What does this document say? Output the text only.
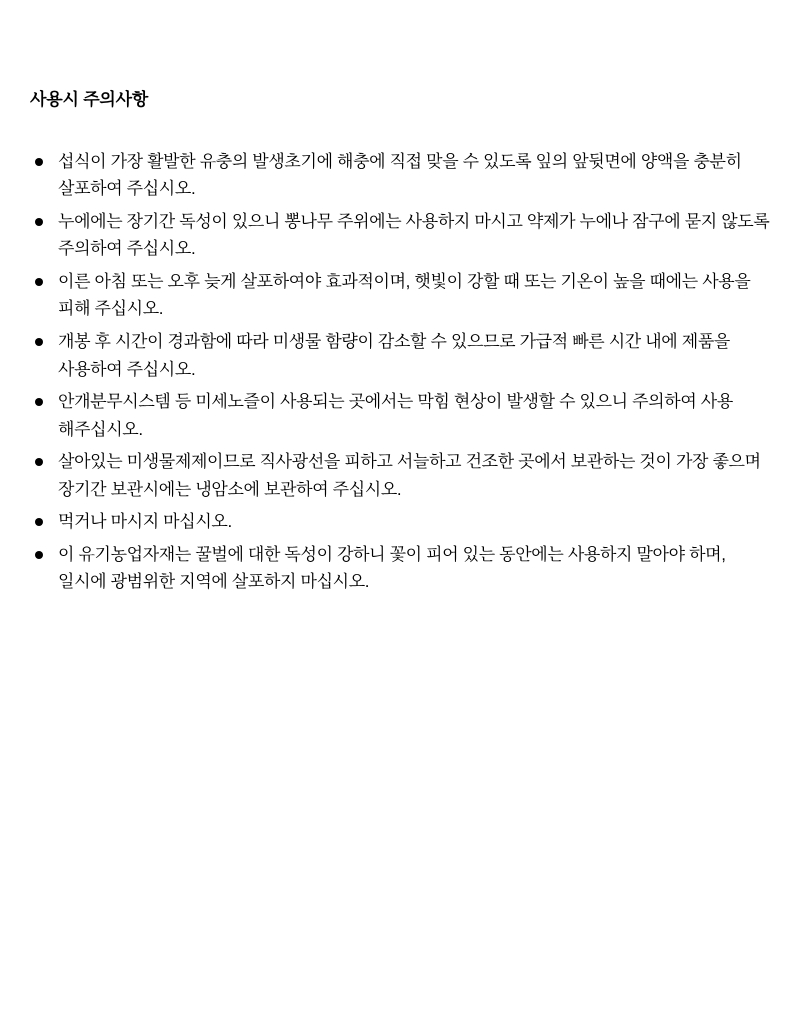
사용시 주의사항
섭식이 가장 활발한 유충의 발생초기에 해충에 직접 맞을 수 있도록 잎의 앞뒷면에 양액을 충분히 살포하여 주십시오.
누에에는 장기간 독성이 있으니 뽕나무 주위에는 사용하지 마시고 약제가 누에나 잠구에 묻지 않도록 주의하여 주십시오.
이른 아침 또는 오후 늦게 살포하여야 효과적이며, 햇빛이 강할 때 또는 기온이 높을 때에는 사용을 피해 주십시오.
개봉 후 시간이 경과함에 따라 미생물 함량이 감소할 수 있으므로 가급적 빠른 시간 내에 제품을 사용하여 주십시오.
안개분무시스템 등 미세노즐이 사용되는 곳에서는 막힘 현상이 발생할 수 있으니 주의하여 사용 해주십시오.
살아있는 미생물제제이므로 직사광선을 피하고 서늘하고 건조한 곳에서 보관하는 것이 가장 좋으며 장기간 보관시에는 냉암소에 보관하여 주십시오.
먹거나 마시지 마십시오.
이 유기농업자재는 꿀벌에 대한 독성이 강하니 꽃이 피어 있는 동안에는 사용하지 말아야 하며, 일시에 광범위한 지역에 살포하지 마십시오.
